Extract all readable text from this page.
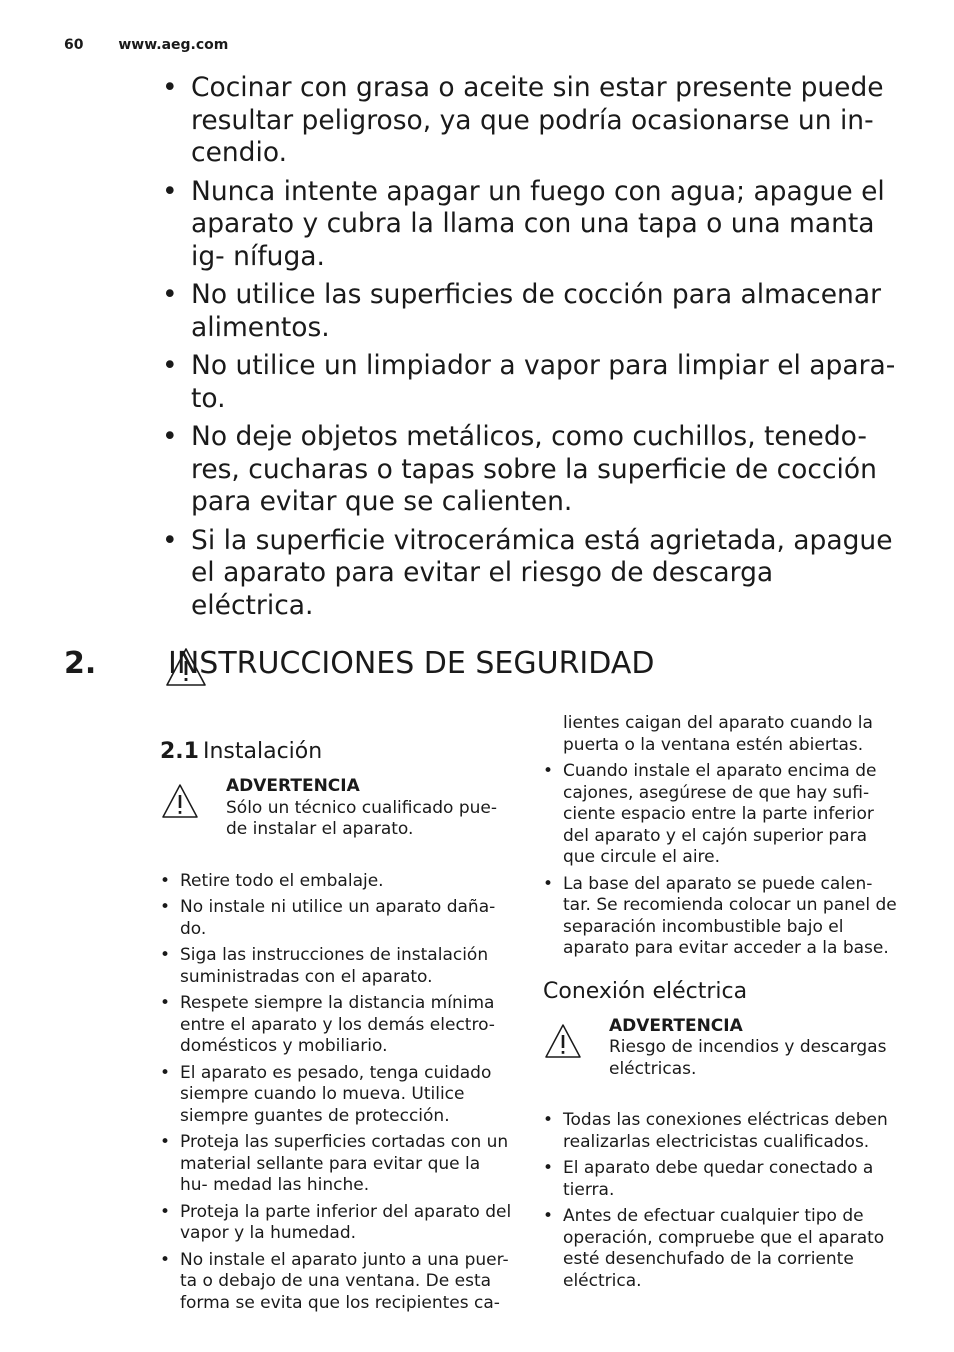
60 www.aeg.com
• Cocinar con grasa o aceite sin estar presente puede resultar peligroso, ya que podría ocasionarse un in- cendio.
• Nunca intente apagar un fuego con agua; apague el aparato y cubra la llama con una tapa o una manta ig- nífuga.
• No utilice las superficies de cocción para almacenar alimentos.
• No utilice un limpiador a vapor para limpiar el apara- to.
• No deje objetos metálicos, como cuchillos, tenedo- res, cucharas o tapas sobre la superficie de cocción para evitar que se calienten.
• Si la superficie vitrocerámica está agrietada, apague el aparato para evitar el riesgo de descarga eléctrica.
2. INSTRUCCIONES DE SEGURIDAD
2.1 Instalación
ADVERTENCIA
Sólo un técnico cualificado pue- de instalar el aparato.
• Retire todo el embalaje.
• No instale ni utilice un aparato daña- do.
• Siga las instrucciones de instalación suministradas con el aparato.
• Respete siempre la distancia mínima entre el aparato y los demás electro- domésticos y mobiliario.
• El aparato es pesado, tenga cuidado siempre cuando lo mueva. Utilice siempre guantes de protección.
• Proteja las superficies cortadas con un material sellante para evitar que la hu- medad las hinche.
• Proteja la parte inferior del aparato del vapor y la humedad.
• No instale el aparato junto a una puer- ta o debajo de una ventana. De esta forma se evita que los recipientes ca-

lientes caigan del aparato cuando la puerta o la ventana estén abiertas.

• Cuando instale el aparato encima de cajones, asegúrese de que hay sufi- ciente espacio entre la parte inferior del aparato y el cajón superior para que circule el aire.
• La base del aparato se puede calen- tar. Se recomienda colocar un panel de separación incombustible bajo el aparato para evitar acceder a la base.
Conexión eléctrica
ADVERTENCIA
Riesgo de incendios y descargas eléctricas.
• Todas las conexiones eléctricas deben realizarlas electricistas cualificados.
• El aparato debe quedar conectado a tierra.
• Antes de efectuar cualquier tipo de operación, compruebe que el aparato esté desenchufado de la corriente eléctrica.
